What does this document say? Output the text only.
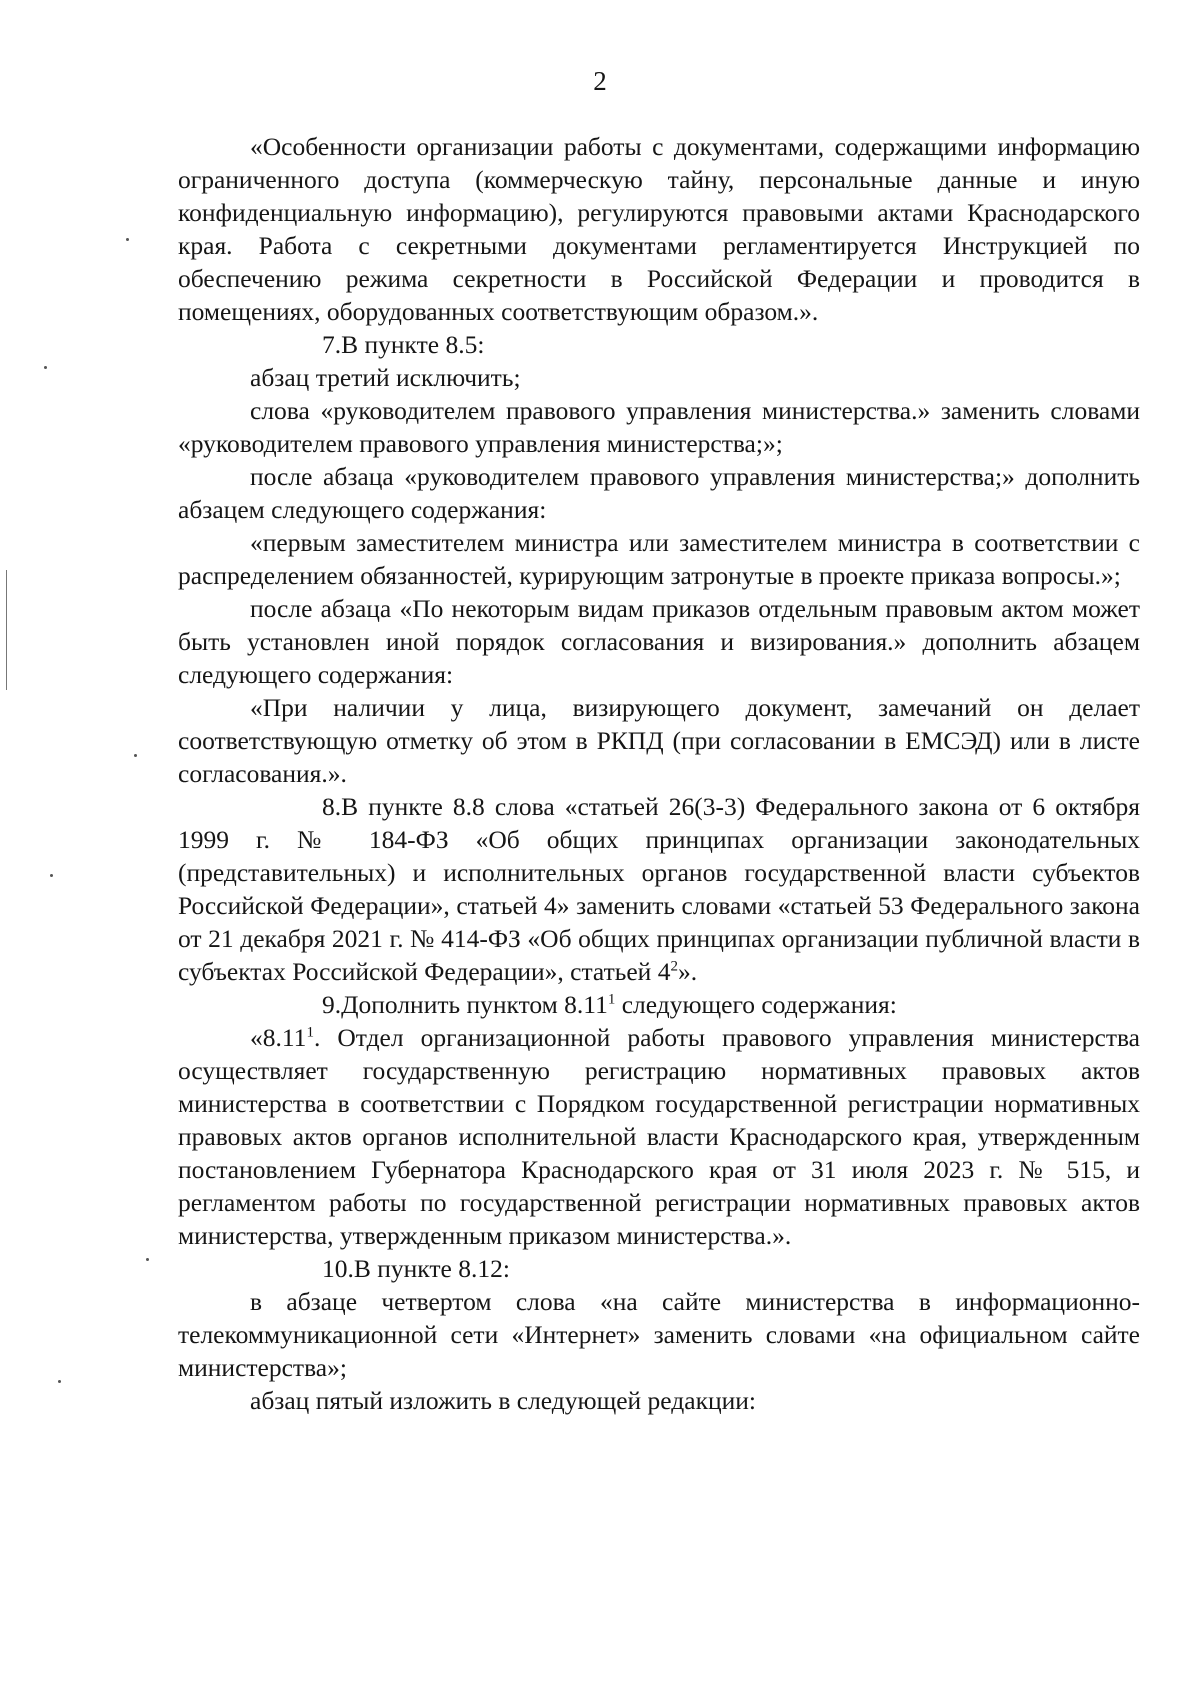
2

«Особенности организации работы с документами, содержащими информацию ограниченного доступа (коммерческую тайну, персональные данные и иную конфиденциальную информацию), регулируются правовыми актами Краснодарского края. Работа с секретными документами регламентируется Инструкцией по обеспечению режима секретности в Российской Федерации и проводится в помещениях, оборудованных соответствующим образом.».

7.В пункте 8.5:

абзац третий исключить;

слова «руководителем правового управления министерства.» заменить словами «руководителем правового управления министерства;»;

после абзаца «руководителем правового управления министерства;» дополнить абзацем следующего содержания:

«первым заместителем министра или заместителем министра в соответствии с распределением обязанностей, курирующим затронутые в проекте приказа вопросы.»;

после абзаца «По некоторым видам приказов отдельным правовым актом может быть установлен иной порядок согласования и визирования.» дополнить абзацем следующего содержания:

«При наличии у лица, визирующего документ, замечаний он делает соответствующую отметку об этом в РКПД (при согласовании в ЕМСЭД) или в листе согласования.».

8.В пункте 8.8 слова «статьей 26(3-3) Федерального закона от 6 октября 1999 г. № 184-ФЗ «Об общих принципах организации законодательных (представительных) и исполнительных органов государственной власти субъектов Российской Федерации», статьей 4» заменить словами «статьей 53 Федерального закона от 21 декабря 2021 г. № 414-ФЗ «Об общих принципах организации публичной власти в субъектах Российской Федерации», статьей $4^2$».

9.Дополнить пунктом 8.11$^1$ следующего содержания:

«8.11$^1$. Отдел организационной работы правового управления министерства осуществляет государственную регистрацию нормативных правовых актов министерства в соответствии с Порядком государственной регистрации нормативных правовых актов органов исполнительной власти Краснодарского края, утвержденным постановлением Губернатора Краснодарского края от 31 июля 2023 г. № 515, и регламентом работы по государственной регистрации нормативных правовых актов министерства, утвержденным приказом министерства.».

10.В пункте 8.12:

в абзаце четвертом слова «на сайте министерства в информационно-телекоммуникационной сети «Интернет» заменить словами «на официальном сайте министерства»;

абзац пятый изложить в следующей редакции:
